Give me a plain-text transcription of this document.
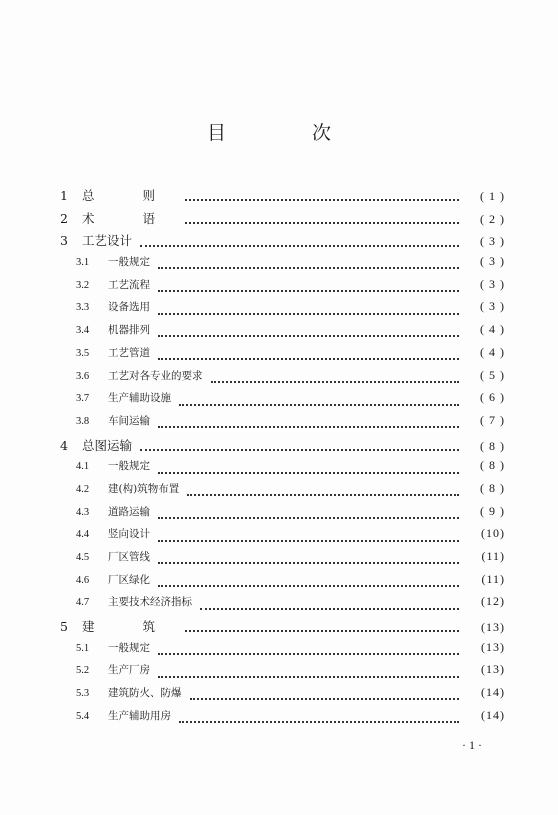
目 次
1	总 则	( 1 )
2	术 语	( 2 )
3	工艺设计	( 3 )
3.1	一般规定	( 3 )
3.2	工艺流程	( 3 )
3.3	设备选用	( 3 )
3.4	机器排列	( 4 )
3.5	工艺管道	( 4 )
3.6	工艺对各专业的要求	( 5 )
3.7	生产辅助设施	( 6 )
3.8	车间运输	( 7 )
4	总图运输	( 8 )
4.1	一般规定	( 8 )
4.2	建(构)筑物布置	( 8 )
4.3	道路运输	( 9 )
4.4	竖向设计	(10)
4.5	厂区管线	(11)
4.6	厂区绿化	(11)
4.7	主要技术经济指标	(12)
5	建 筑	(13)
5.1	一般规定	(13)
5.2	生产厂房	(13)
5.3	建筑防火、防爆	(14)
5.4	生产辅助用房	(14)
· 1 ·
